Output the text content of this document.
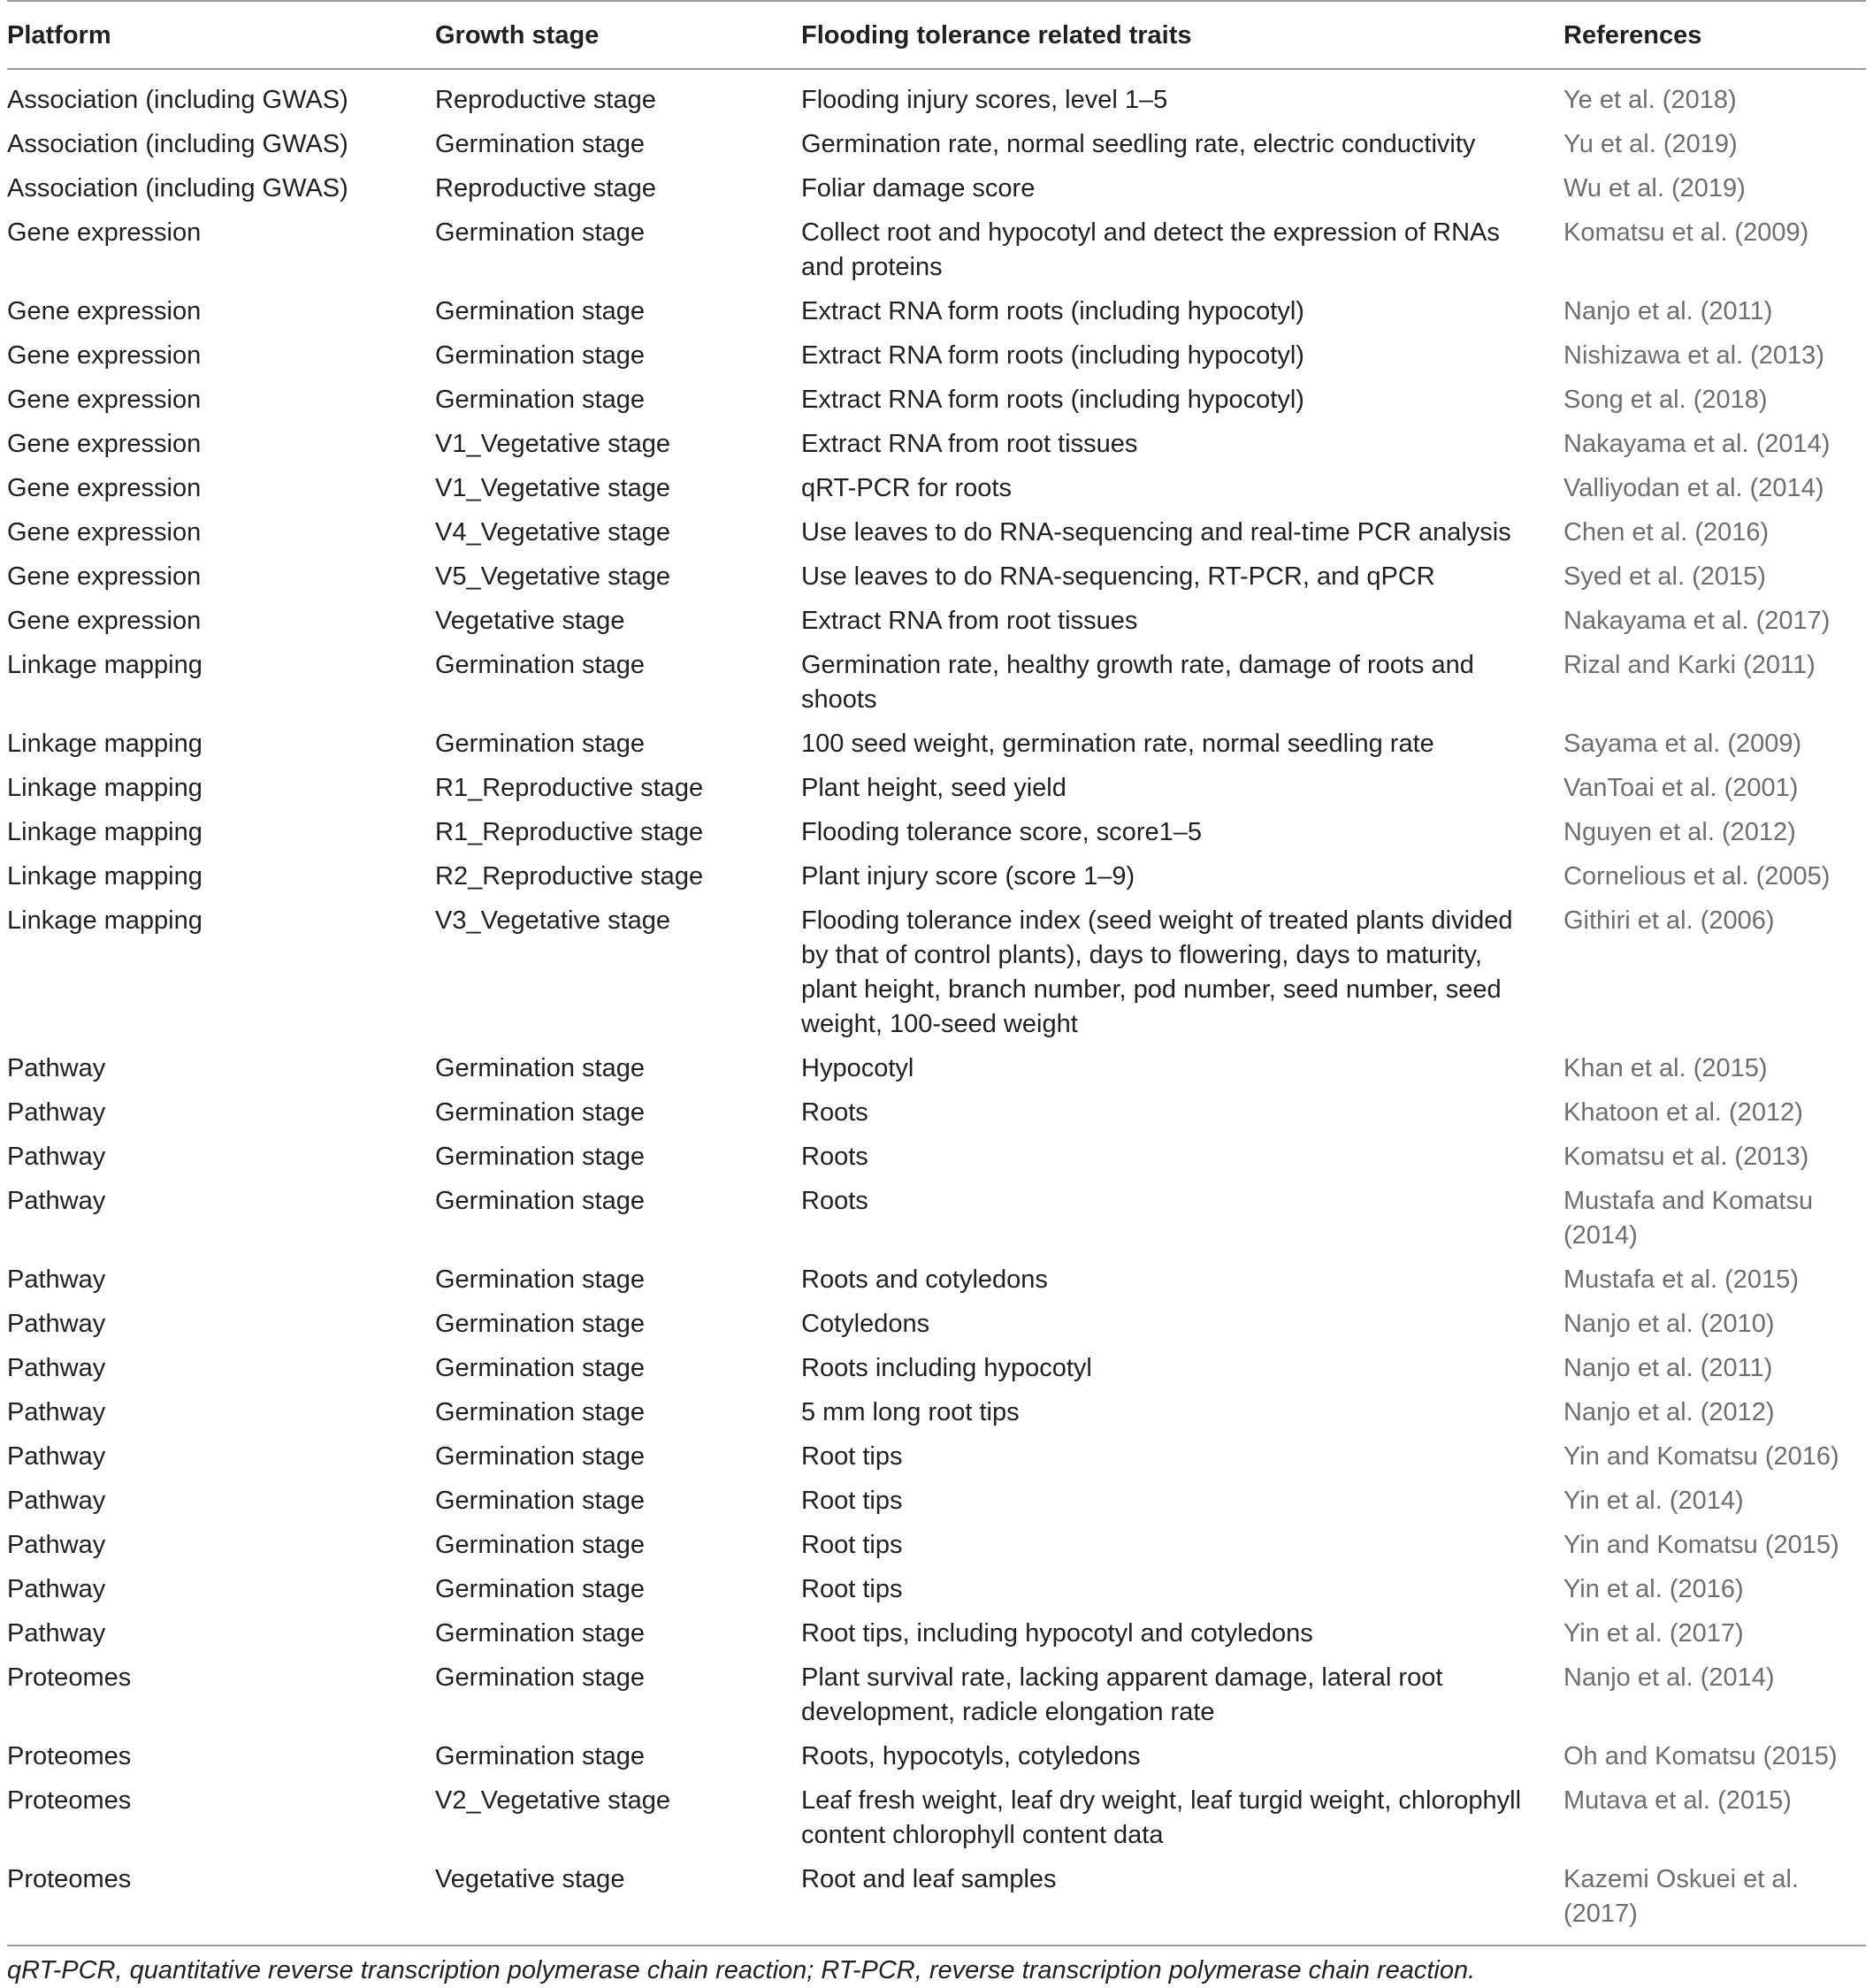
Platform	Growth stage	Flooding tolerance related traits	References
Association (including GWAS)	Reproductive stage	Flooding injury scores, level 1–5	Ye et al. (2018)
Association (including GWAS)	Germination stage	Germination rate, normal seedling rate, electric conductivity	Yu et al. (2019)
Association (including GWAS)	Reproductive stage	Foliar damage score	Wu et al. (2019)
Gene expression	Germination stage	Collect root and hypocotyl and detect the expression of RNAs and proteins	Komatsu et al. (2009)
Gene expression	Germination stage	Extract RNA form roots (including hypocotyl)	Nanjo et al. (2011)
Gene expression	Germination stage	Extract RNA form roots (including hypocotyl)	Nishizawa et al. (2013)
Gene expression	Germination stage	Extract RNA form roots (including hypocotyl)	Song et al. (2018)
Gene expression	V1_Vegetative stage	Extract RNA from root tissues	Nakayama et al. (2014)
Gene expression	V1_Vegetative stage	qRT-PCR for roots	Valliyodan et al. (2014)
Gene expression	V4_Vegetative stage	Use leaves to do RNA-sequencing and real-time PCR analysis	Chen et al. (2016)
Gene expression	V5_Vegetative stage	Use leaves to do RNA-sequencing, RT-PCR, and qPCR	Syed et al. (2015)
Gene expression	Vegetative stage	Extract RNA from root tissues	Nakayama et al. (2017)
Linkage mapping	Germination stage	Germination rate, healthy growth rate, damage of roots and shoots	Rizal and Karki (2011)
Linkage mapping	Germination stage	100 seed weight, germination rate, normal seedling rate	Sayama et al. (2009)
Linkage mapping	R1_Reproductive stage	Plant height, seed yield	VanToai et al. (2001)
Linkage mapping	R1_Reproductive stage	Flooding tolerance score, score1–5	Nguyen et al. (2012)
Linkage mapping	R2_Reproductive stage	Plant injury score (score 1–9)	Cornelious et al. (2005)
Linkage mapping	V3_Vegetative stage	Flooding tolerance index (seed weight of treated plants divided by that of control plants), days to flowering, days to maturity, plant height, branch number, pod number, seed number, seed weight, 100-seed weight	Githiri et al. (2006)
Pathway	Germination stage	Hypocotyl	Khan et al. (2015)
Pathway	Germination stage	Roots	Khatoon et al. (2012)
Pathway	Germination stage	Roots	Komatsu et al. (2013)
Pathway	Germination stage	Roots	Mustafa and Komatsu (2014)
Pathway	Germination stage	Roots and cotyledons	Mustafa et al. (2015)
Pathway	Germination stage	Cotyledons	Nanjo et al. (2010)
Pathway	Germination stage	Roots including hypocotyl	Nanjo et al. (2011)
Pathway	Germination stage	5 mm long root tips	Nanjo et al. (2012)
Pathway	Germination stage	Root tips	Yin and Komatsu (2016)
Pathway	Germination stage	Root tips	Yin et al. (2014)
Pathway	Germination stage	Root tips	Yin and Komatsu (2015)
Pathway	Germination stage	Root tips	Yin et al. (2016)
Pathway	Germination stage	Root tips, including hypocotyl and cotyledons	Yin et al. (2017)
Proteomes	Germination stage	Plant survival rate, lacking apparent damage, lateral root development, radicle elongation rate	Nanjo et al. (2014)
Proteomes	Germination stage	Roots, hypocotyls, cotyledons	Oh and Komatsu (2015)
Proteomes	V2_Vegetative stage	Leaf fresh weight, leaf dry weight, leaf turgid weight, chlorophyll content chlorophyll content data	Mutava et al. (2015)
Proteomes	Vegetative stage	Root and leaf samples	Kazemi Oskuei et al. (2017)
qRT-PCR, quantitative reverse transcription polymerase chain reaction; RT-PCR, reverse transcription polymerase chain reaction.
